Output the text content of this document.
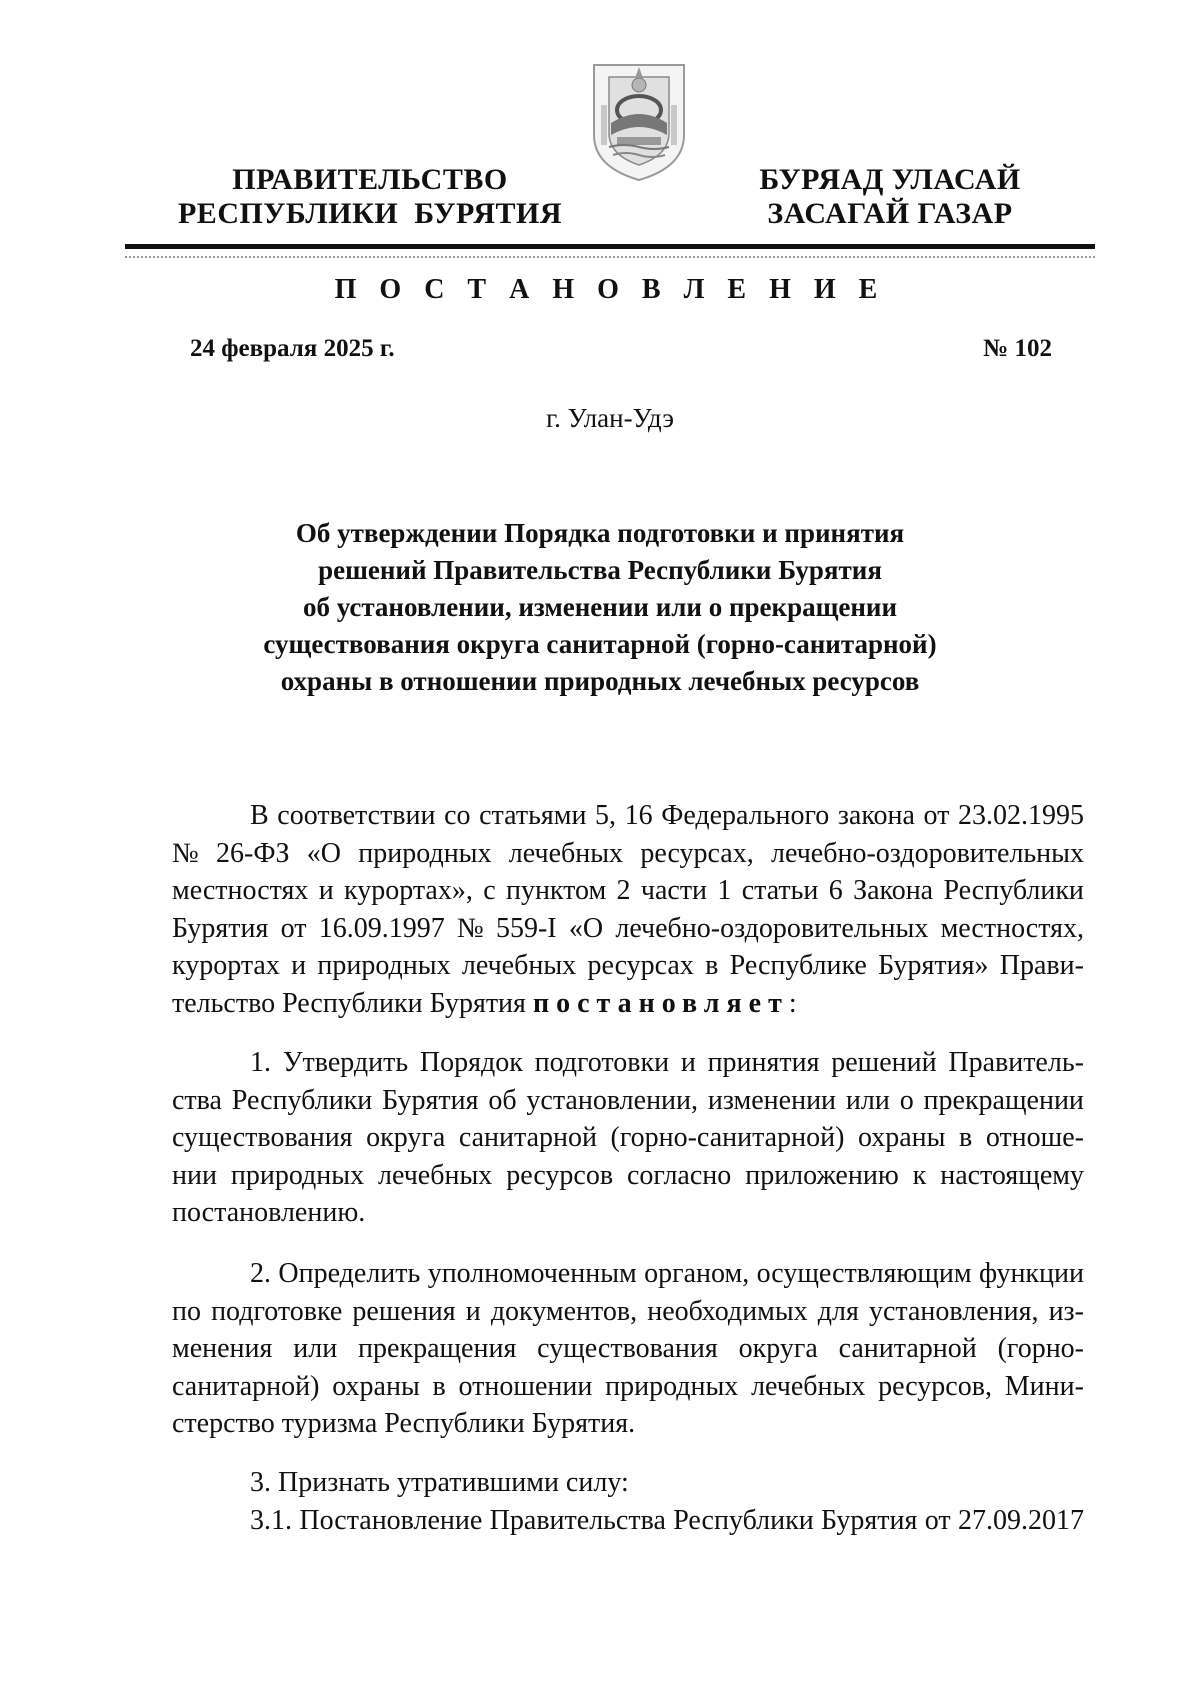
ПРАВИТЕЛЬСТВО
РЕСПУБЛИКИ  БУРЯТИЯ
БУРЯАД УЛАСАЙ
ЗАСАГАЙ ГАЗАР
П О С Т А Н О В Л Е Н И Е
24 февраля 2025 г.	№ 102
г. Улан-Удэ
Об утверждении Порядка подготовки и принятия
решений Правительства Республики Бурятия
об установлении, изменении или о прекращении
существования округа санитарной (горно-санитарной)
охраны в отношении природных лечебных ресурсов
В соответствии со статьями 5, 16 Федерального закона от 23.02.1995
№ 26-ФЗ «О природных лечебных ресурсах, лечебно-оздоровительных
местностях и курортах», с пунктом 2 части 1 статьи 6 Закона Республики
Бурятия от 16.09.1997 № 559-I «О лечебно-оздоровительных местностях,
курортах и природных лечебных ресурсах в Республике Бурятия» Прави-
тельство Республики Бурятия постановляет :
1. Утвердить Порядок подготовки и принятия решений Правитель-
ства Республики Бурятия об установлении, изменении или о прекращении
существования округа санитарной (горно-санитарной) охраны в отноше-
нии природных лечебных ресурсов согласно приложению к настоящему
постановлению.
2. Определить уполномоченным органом, осуществляющим функции
по подготовке решения и документов, необходимых для установления, из-
менения или прекращения существования округа санитарной (горно-
санитарной) охраны в отношении природных лечебных ресурсов, Мини-
стерство туризма Республики Бурятия.
3. Признать утратившими силу:
3.1. Постановление Правительства Республики Бурятия от 27.09.2017
